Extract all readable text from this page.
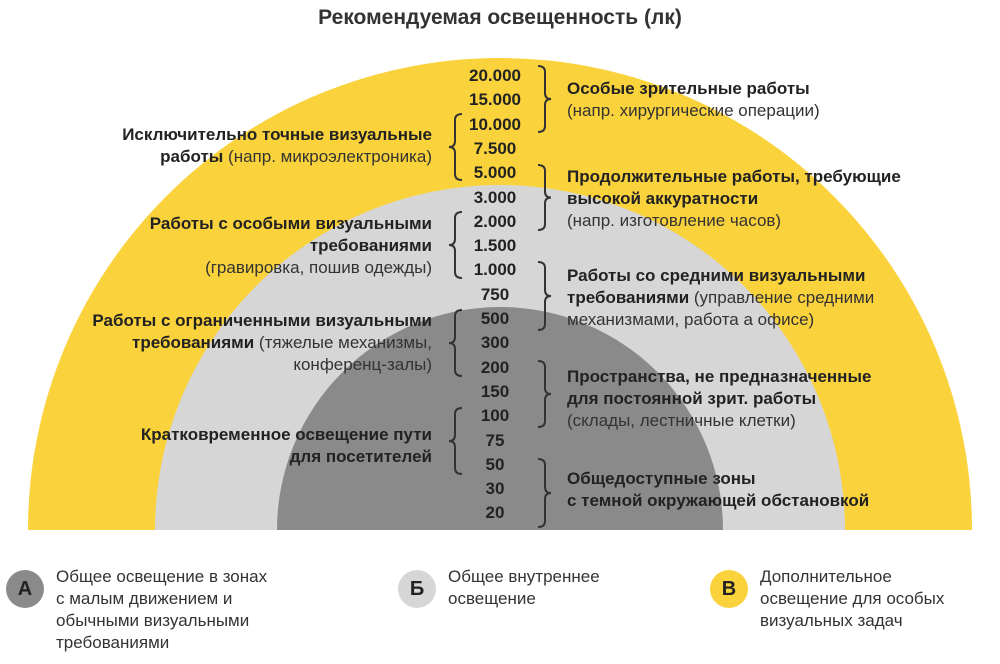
Рекомендуемая освещенность (лк)
20.000
15.000
10.000
7.500
5.000
3.000
2.000
1.500
1.000
750
500
300
200
150
100
75
50
30
20
Исключительно точные визуальные
работы (напр. микроэлектроника)
Работы с особыми визуальными
требованиями
(гравировка, пошив одежды)
Работы с ограниченными визуальными
требованиями (тяжелые механизмы,
конференц-залы)
Кратковременное освещение пути
для посетителей
Особые зрительные работы
(напр. хирургические операции)
Продолжительные работы, требующие
высокой аккуратности
(напр. изготовление часов)
Работы со средними визуальными
требованиями (управление средними
механизмами, работа а офисе)
Пространства, не предназначенные
для постоянной зрит. работы
(склады, лестничные клетки)
Общедоступные зоны
с темной окружающей обстановкой
А
Общее освещение в зонах
с малым движением и
обычными визуальными
требованиями
Б
Общее внутреннее
освещение	В
Дополнительное
освещение для особых
визуальных задач
